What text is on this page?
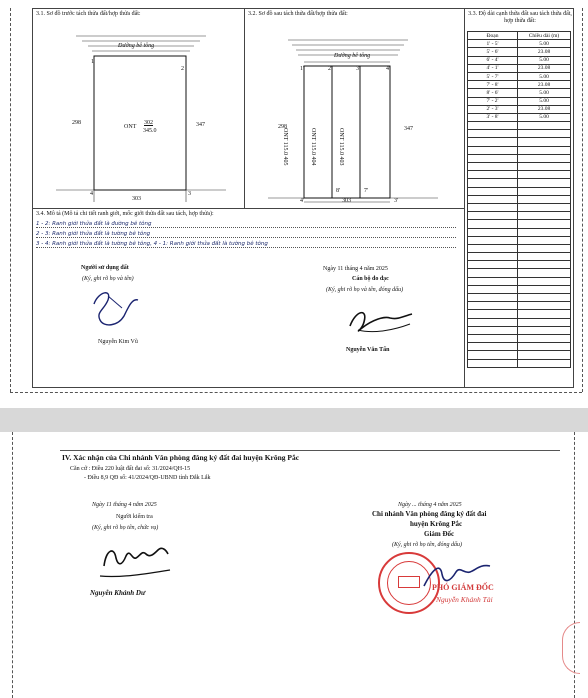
3.1. Sơ đồ trước tách thửa đất/hợp thửa đất:	3.2. Sơ đồ sau tách thửa đất/hợp thửa đất:	3.3. Độ dài cạnh thửa đất sau tách thửa đất, hợp thửa đất:
Đường bê tông
1
2
3
4
298	347
303
ONT
302
345.0
Đường bê tông
1'	2'	3'	4'
4'
8'	7'
3'
298	347
303
ONT 115.0 405	ONT 115.0 404	ONT 115.0 403
Đoạn	Chiều dài (m)
1' - 5'	5.00
5' - 6'	23.08
6' - 4'	5.00
4' - 1'	23.08
5' - 7'	5.00
7' - 8'	23.08
8' - 6'	5.00
7' - 2'	5.00
2' - 3'	23.08
3' - 8'	5.00

3.4. Mô tả (Mô tả chi tiết ranh giới, mốc giới thửa đất sau tách, hợp thửa):
1 - 2: Ranh giới thửa đất là đường bê tông
2 - 3: Ranh giới thửa đất là tường bê tông
3 - 4: Ranh giới thửa đất là tường bê tông, 4 - 1: Ranh giới thửa đất là tường bê tông
Người sử dụng đất
(Ký, ghi rõ họ và tên)
Nguyễn Kim Vũ
Ngày 11 tháng 4 năm 2025
Cán bộ đo đạc
(Ký, ghi rõ họ và tên, đóng dấu)
Nguyễn Văn Tấn
IV. Xác nhận của Chi nhánh Văn phòng đăng ký đất đai huyện Krông Pắc
Căn cứ : Điều 220 luật đất đai số: 31/2024/QH-15
- Điều 8,9 QĐ số: 41/2024/QĐ-UBND tỉnh Đắk Lắk
Ngày 11 tháng 4 năm 2025
Người kiểm tra
(Ký, ghi rõ họ tên, chức vụ)
Nguyễn Khánh Dư
Ngày ... tháng 4 năm 2025
Chi nhánh Văn phòng đăng ký đất đai
huyện Krông Pắc
Giám Đốc
(Ký, ghi rõ họ tên, đóng dấu)
PHÓ GIÁM ĐỐC
Nguyễn Khánh Tài
